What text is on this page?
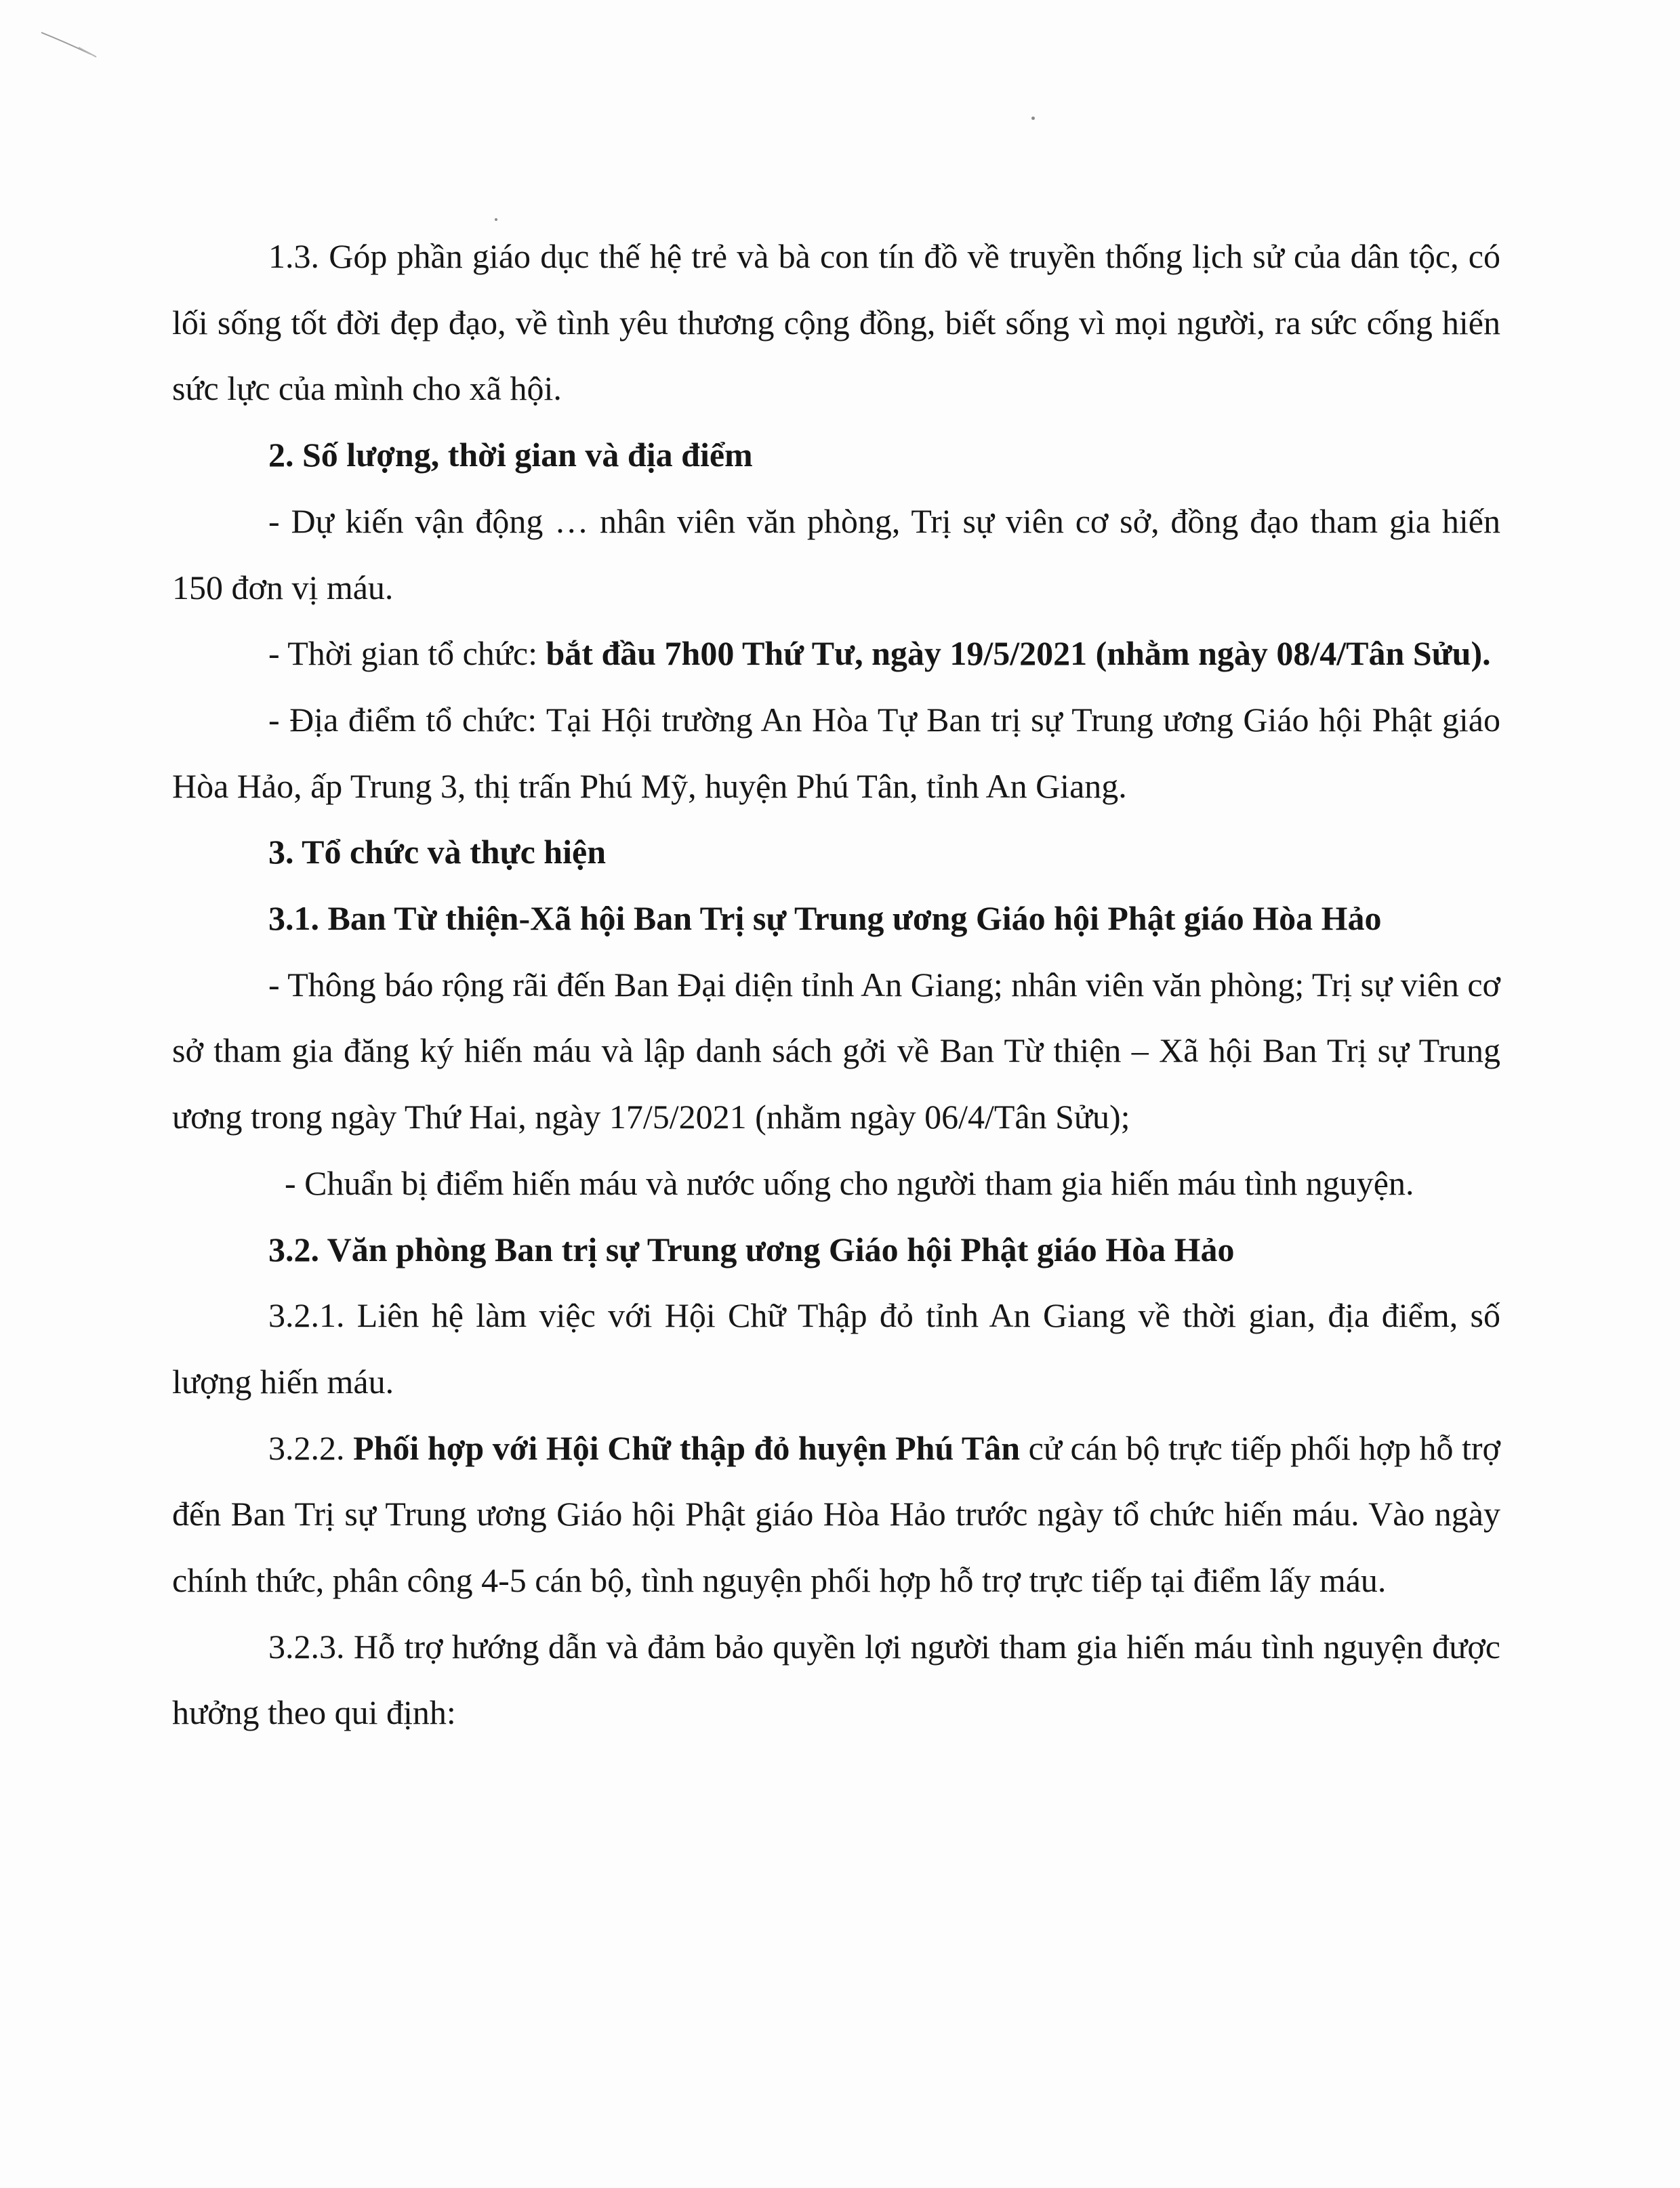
1.3. Góp phần giáo dục thế hệ trẻ và bà con tín đồ về truyền thống lịch sử của dân tộc, có lối sống tốt đời đẹp đạo, về tình yêu thương cộng đồng, biết sống vì mọi người, ra sức cống hiến sức lực của mình cho xã hội.

2. Số lượng, thời gian và địa điểm

- Dự kiến vận động … nhân viên văn phòng, Trị sự viên cơ sở, đồng đạo tham gia hiến 150 đơn vị máu.

- Thời gian tổ chức: bắt đầu 7h00 Thứ Tư, ngày 19/5/2021 (nhằm ngày 08/4/Tân Sửu).

- Địa điểm tổ chức: Tại Hội trường An Hòa Tự Ban trị sự Trung ương Giáo hội Phật giáo Hòa Hảo, ấp Trung 3, thị trấn Phú Mỹ, huyện Phú Tân, tỉnh An Giang.

3. Tổ chức và thực hiện

3.1. Ban Từ thiện-Xã hội Ban Trị sự Trung ương Giáo hội Phật giáo Hòa Hảo

- Thông báo rộng rãi đến Ban Đại diện tỉnh An Giang; nhân viên văn phòng; Trị sự viên cơ sở tham gia đăng ký hiến máu và lập danh sách gởi về Ban Từ thiện – Xã hội Ban Trị sự Trung ương trong ngày Thứ Hai, ngày 17/5/2021 (nhằm ngày 06/4/Tân Sửu);

- Chuẩn bị điểm hiến máu và nước uống cho người tham gia hiến máu tình nguyện.

3.2. Văn phòng Ban trị sự Trung ương Giáo hội Phật giáo Hòa Hảo

3.2.1. Liên hệ làm việc với Hội Chữ Thập đỏ tỉnh An Giang về thời gian, địa điểm, số lượng hiến máu.

3.2.2. Phối hợp với Hội Chữ thập đỏ huyện Phú Tân cử cán bộ trực tiếp phối hợp hỗ trợ đến Ban Trị sự Trung ương Giáo hội Phật giáo Hòa Hảo trước ngày tổ chức hiến máu. Vào ngày chính thức, phân công 4-5 cán bộ, tình nguyện phối hợp hỗ trợ trực tiếp tại điểm lấy máu.

3.2.3. Hỗ trợ hướng dẫn và đảm bảo quyền lợi người tham gia hiến máu tình nguyện được hưởng theo qui định:
